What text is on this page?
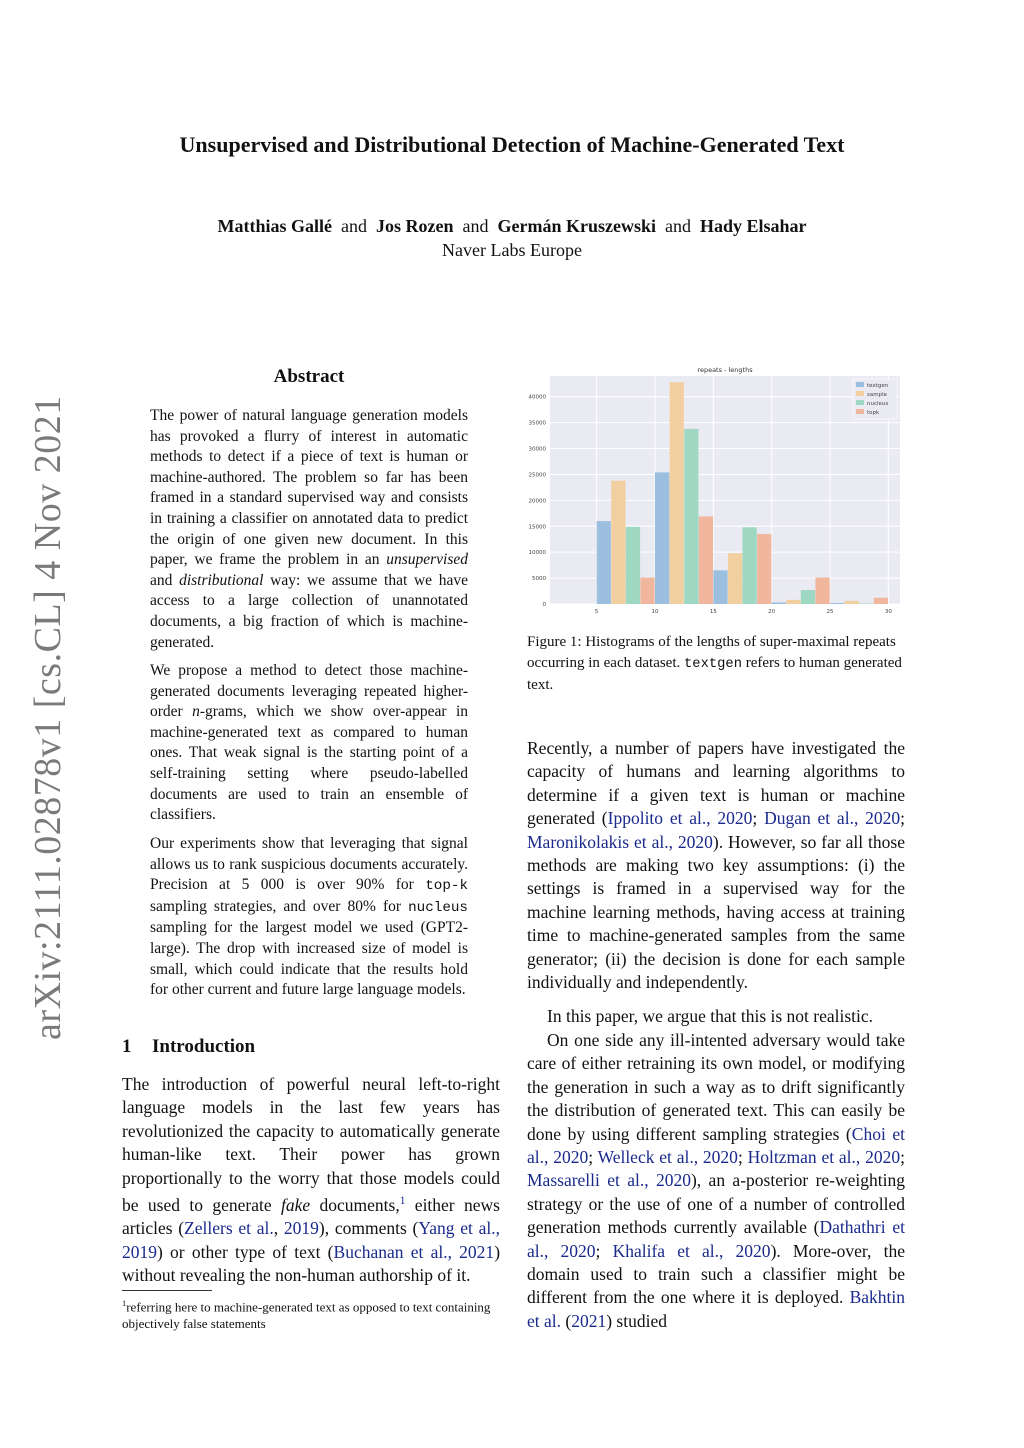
arXiv:2111.02878v1 [cs.CL] 4 Nov 2021
Unsupervised and Distributional Detection of Machine-Generated Text
Matthias Gallé and Jos Rozen and Germán Kruszewski and Hady Elsahar
Naver Labs Europe
Abstract

The power of natural language generation models has provoked a flurry of interest in automatic methods to detect if a piece of text is human or machine-authored. The problem so far has been framed in a standard supervised way and consists in training a classifier on annotated data to predict the origin of one given new document. In this paper, we frame the problem in an unsupervised and distributional way: we assume that we have access to a large collection of unannotated documents, a big fraction of which is machine-generated.

We propose a method to detect those machine-generated documents leveraging repeated higher-order n-grams, which we show over-appear in machine-generated text as compared to human ones. That weak signal is the starting point of a self-training setting where pseudo-labelled documents are used to train an ensemble of classifiers.

Our experiments show that leveraging that signal allows us to rank suspicious documents accurately. Precision at 5 000 is over 90% for top-k sampling strategies, and over 80% for nucleus sampling for the largest model we used (GPT2-large). The drop with increased size of model is small, which could indicate that the results hold for other current and future large language models.

1 Introduction

The introduction of powerful neural left-to-right language models in the last few years has revolutionized the capacity to automatically generate human-like text. Their power has grown proportionally to the worry that those models could be used to generate fake documents,$^1$ either news articles (Zellers et al., 2019), comments (Yang et al., 2019) or other type of text (Buchanan et al., 2021) without revealing the non-human authorship of it.

$^1$referring here to machine-generated text as opposed to text containing objectively false statements
0
5000
10000
15000
20000
25000
30000
35000
40000
5	10	15	20	25	30
repeats - lengths
textgen
sample
nucleus
topk
Figure 1: Histograms of the lengths of super-maximal repeats occurring in each dataset. textgen refers to human generated text.

Recently, a number of papers have investigated the capacity of humans and learning algorithms to determine if a given text is human or machine generated (Ippolito et al., 2020; Dugan et al., 2020; Maronikolakis et al., 2020). However, so far all those methods are making two key assumptions: (i) the settings is framed in a supervised way for the machine learning methods, having access at training time to machine-generated samples from the same generator; (ii) the decision is done for each sample individually and independently.

In this paper, we argue that this is not realistic.

On one side any ill-intented adversary would take care of either retraining its own model, or modifying the generation in such a way as to drift significantly the distribution of generated text. This can easily be done by using different sampling strategies (Choi et al., 2020; Welleck et al., 2020; Holtzman et al., 2020; Massarelli et al., 2020), an a-posterior re-weighting strategy or the use of one of a number of controlled generation methods currently available (Dathathri et al., 2020; Khalifa et al., 2020). More-over, the domain used to train such a classifier might be different from the one where it is deployed. Bakhtin et al. (2021) studied
